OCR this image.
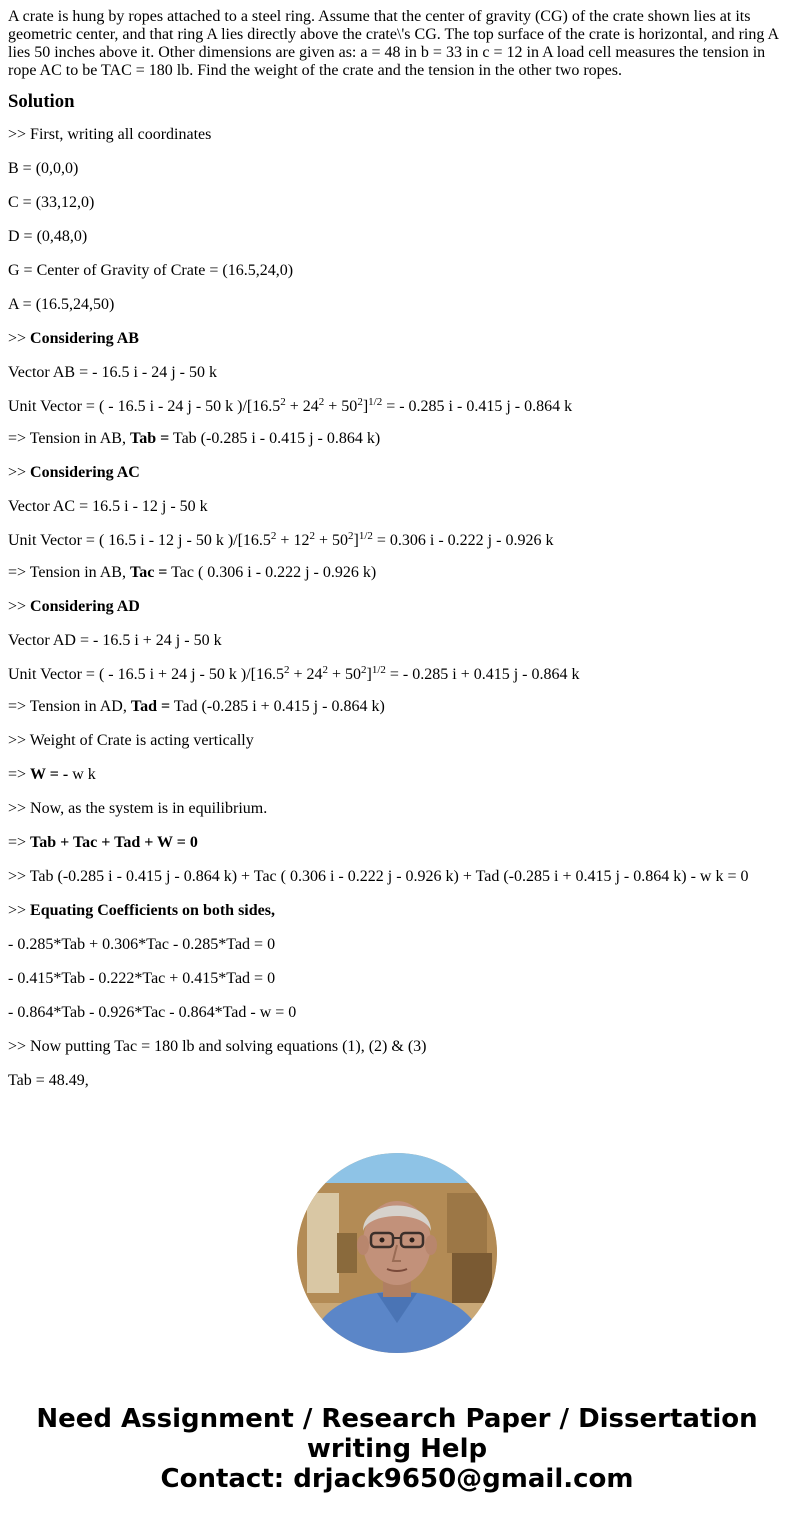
A crate is hung by ropes attached to a steel ring. Assume that the center of gravity (CG) of the crate shown lies at its geometric center, and that ring A lies directly above the crate\'s CG. The top surface of the crate is horizontal, and ring A lies 50 inches above it. Other dimensions are given as: a = 48 in b = 33 in c = 12 in A load cell measures the tension in rope AC to be TAC = 180 lb. Find the weight of the crate and the tension in the other two ropes.
Solution
>> First, writing all coordinates
B = (0,0,0)
C = (33,12,0)
D = (0,48,0)
G = Center of Gravity of Crate = (16.5,24,0)
A = (16.5,24,50)
>> Considering AB
Vector AB = - 16.5 i - 24 j - 50 k
Unit Vector = ( - 16.5 i - 24 j - 50 k )$/[16.5^2 + 24^2 + 50^2]^{1/2}$ = - 0.285 i - 0.415 j - 0.864 k
=> Tension in AB, Tab = Tab (-0.285 i - 0.415 j - 0.864 k)
>> Considering AC
Vector AC = 16.5 i - 12 j - 50 k
Unit Vector = ( 16.5 i - 12 j - 50 k )$/[16.5^2 + 12^2 + 50^2]^{1/2} = 0.306$ i - 0.222 j - 0.926 k
=> Tension in AB, Tac = Tac ( 0.306 i - 0.222 j - 0.926 k)
>> Considering AD
Vector AD = - 16.5 i + 24 j - 50 k
Unit Vector = ( - 16.5 i + 24 j - 50 k )$/[16.5^2 + 24^2 + 50^2]^{1/2}$ = - 0.285 i + 0.415 j - 0.864 k
=> Tension in AD, Tad = Tad (-0.285 i + 0.415 j - 0.864 k)
>> Weight of Crate is acting vertically
=> W = - w k
>> Now, as the system is in equilibrium.
=> Tab + Tac + Tad + W = 0
>> Tab (-0.285 i - 0.415 j - 0.864 k) + Tac ( 0.306 i - 0.222 j - 0.926 k) + Tad (-0.285 i + 0.415 j - 0.864 k) - w k = 0
>> Equating Coefficients on both sides,
- 0.285*Tab + 0.306*Tac - 0.285*Tad = 0
- 0.415*Tab - 0.222*Tac + 0.415*Tad = 0
- 0.864*Tab - 0.926*Tac - 0.864*Tad - w = 0
>> Now putting Tac = 180 lb and solving equations (1), (2) & (3)
Tab = 48.49,
Need Assignment / Research Paper / Dissertation
writing Help
Contact: drjack9650@gmail.com
